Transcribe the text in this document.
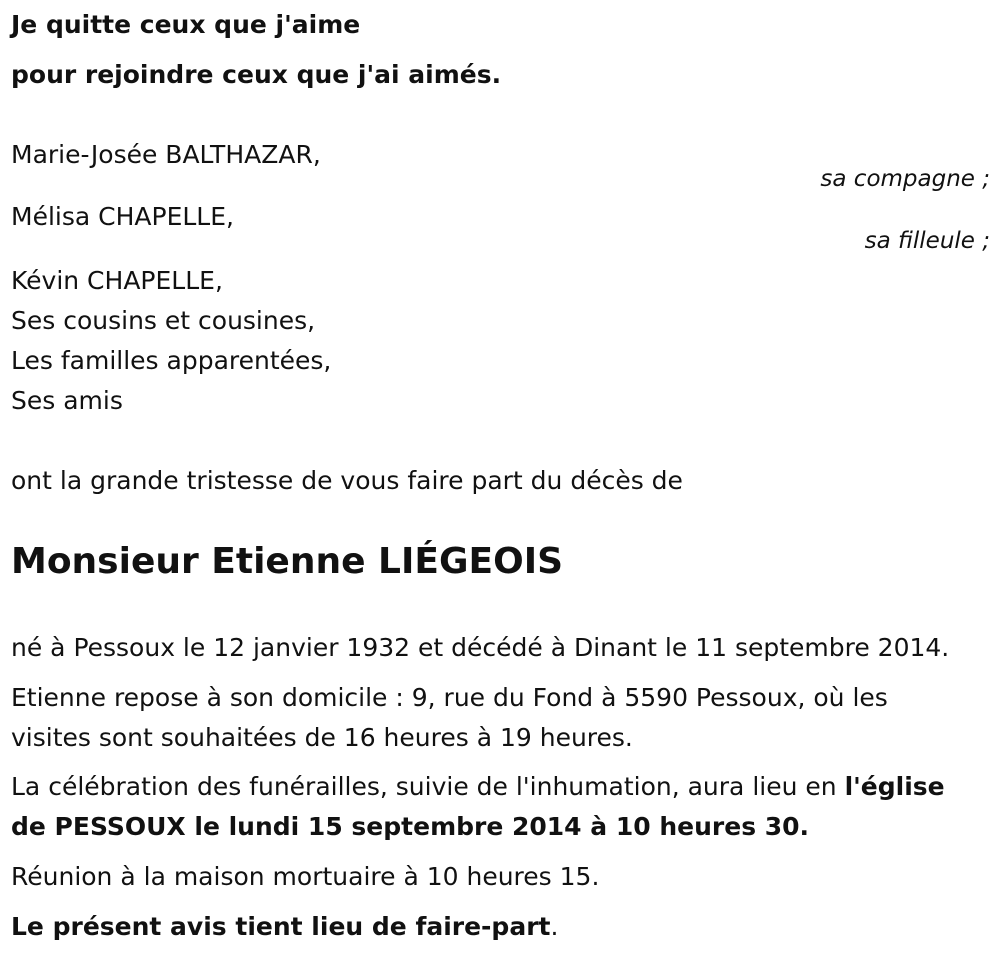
Je quitte ceux que j'aime
pour rejoindre ceux que j'ai aimés.
Marie-Josée BALTHAZAR,
sa compagne ;
Mélisa CHAPELLE,
sa filleule ;
Kévin CHAPELLE,
Ses cousins et cousines,
Les familles apparentées,
Ses amis
ont la grande tristesse de vous faire part du décès de
Monsieur Etienne LIÉGEOIS
né à Pessoux le 12 janvier 1932 et décédé à Dinant le 11 septembre 2014.
Etienne repose à son domicile : 9, rue du Fond à 5590 Pessoux, où les
visites sont souhaitées de 16 heures à 19 heures.
La célébration des funérailles, suivie de l'inhumation, aura lieu en l'église
de PESSOUX le lundi 15 septembre 2014 à 10 heures 30.
Réunion à la maison mortuaire à 10 heures 15.
Le présent avis tient lieu de faire-part.
